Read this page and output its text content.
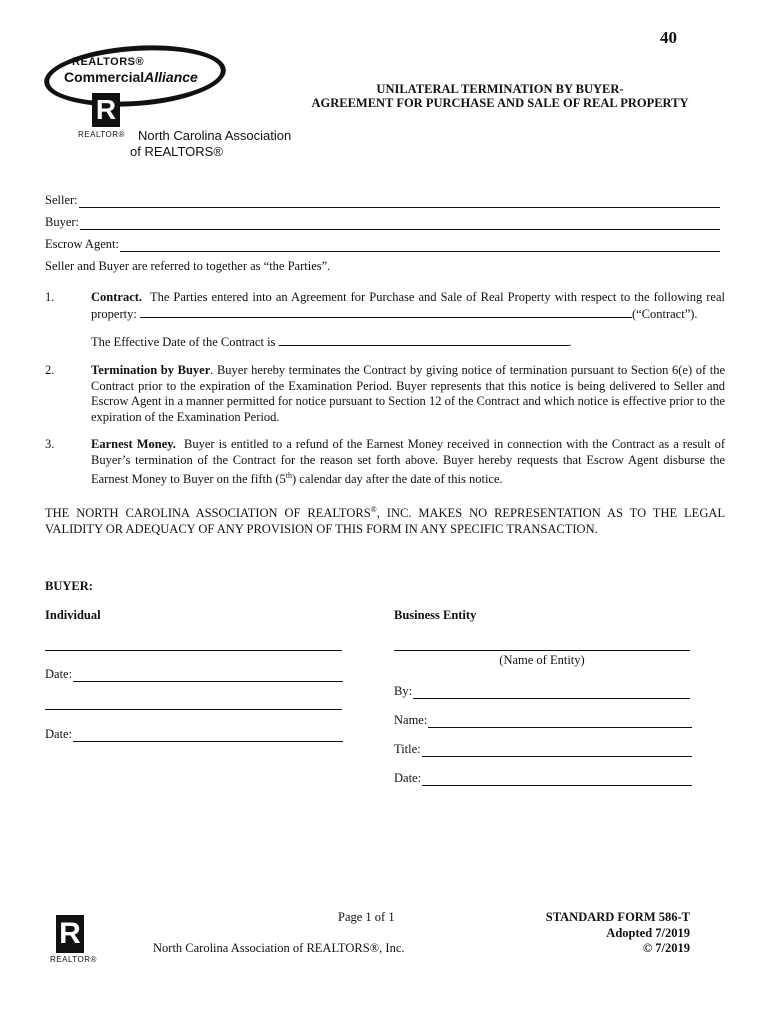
40
REALTORS®
CommercialAlliance
R
REALTOR® North Carolina Association
of REALTORS®
UNILATERAL TERMINATION BY BUYER-
AGREEMENT FOR PURCHASE AND SALE OF REAL PROPERTY
Seller:
Buyer:
Escrow Agent:
Seller and Buyer are referred to together as “the Parties”.
1.	Contract. The Parties entered into an Agreement for Purchase and Sale of Real Property with respect to the following real property:	(“Contract”).
The Effective Date of the Contract is	.
2.	Termination by Buyer. Buyer hereby terminates the Contract by giving notice of termination pursuant to Section 6(e) of the Contract prior to the expiration of the Examination Period. Buyer represents that this notice is being delivered to Seller and Escrow Agent in a manner permitted for notice pursuant to Section 12 of the Contract and which notice is effective prior to the expiration of the Examination Period.
3.	Earnest Money. Buyer is entitled to a refund of the Earnest Money received in connection with the Contract as a result of Buyer’s termination of the Contract for the reason set forth above. Buyer hereby requests that Escrow Agent disburse the Earnest Money to Buyer on the fifth (5th) calendar day after the date of this notice.
THE NORTH CAROLINA ASSOCIATION OF REALTORS®, INC. MAKES NO REPRESENTATION AS TO THE LEGAL VALIDITY OR ADEQUACY OF ANY PROVISION OF THIS FORM IN ANY SPECIFIC TRANSACTION.
BUYER:
Individual	Business Entity
Date:
Date:
(Name of Entity)
By:
Name:
Title:
Date:
R
REALTOR®
Page 1 of 1
North Carolina Association of REALTORS®, Inc.
STANDARD FORM 586-T
Adopted 7/2019
© 7/2019
